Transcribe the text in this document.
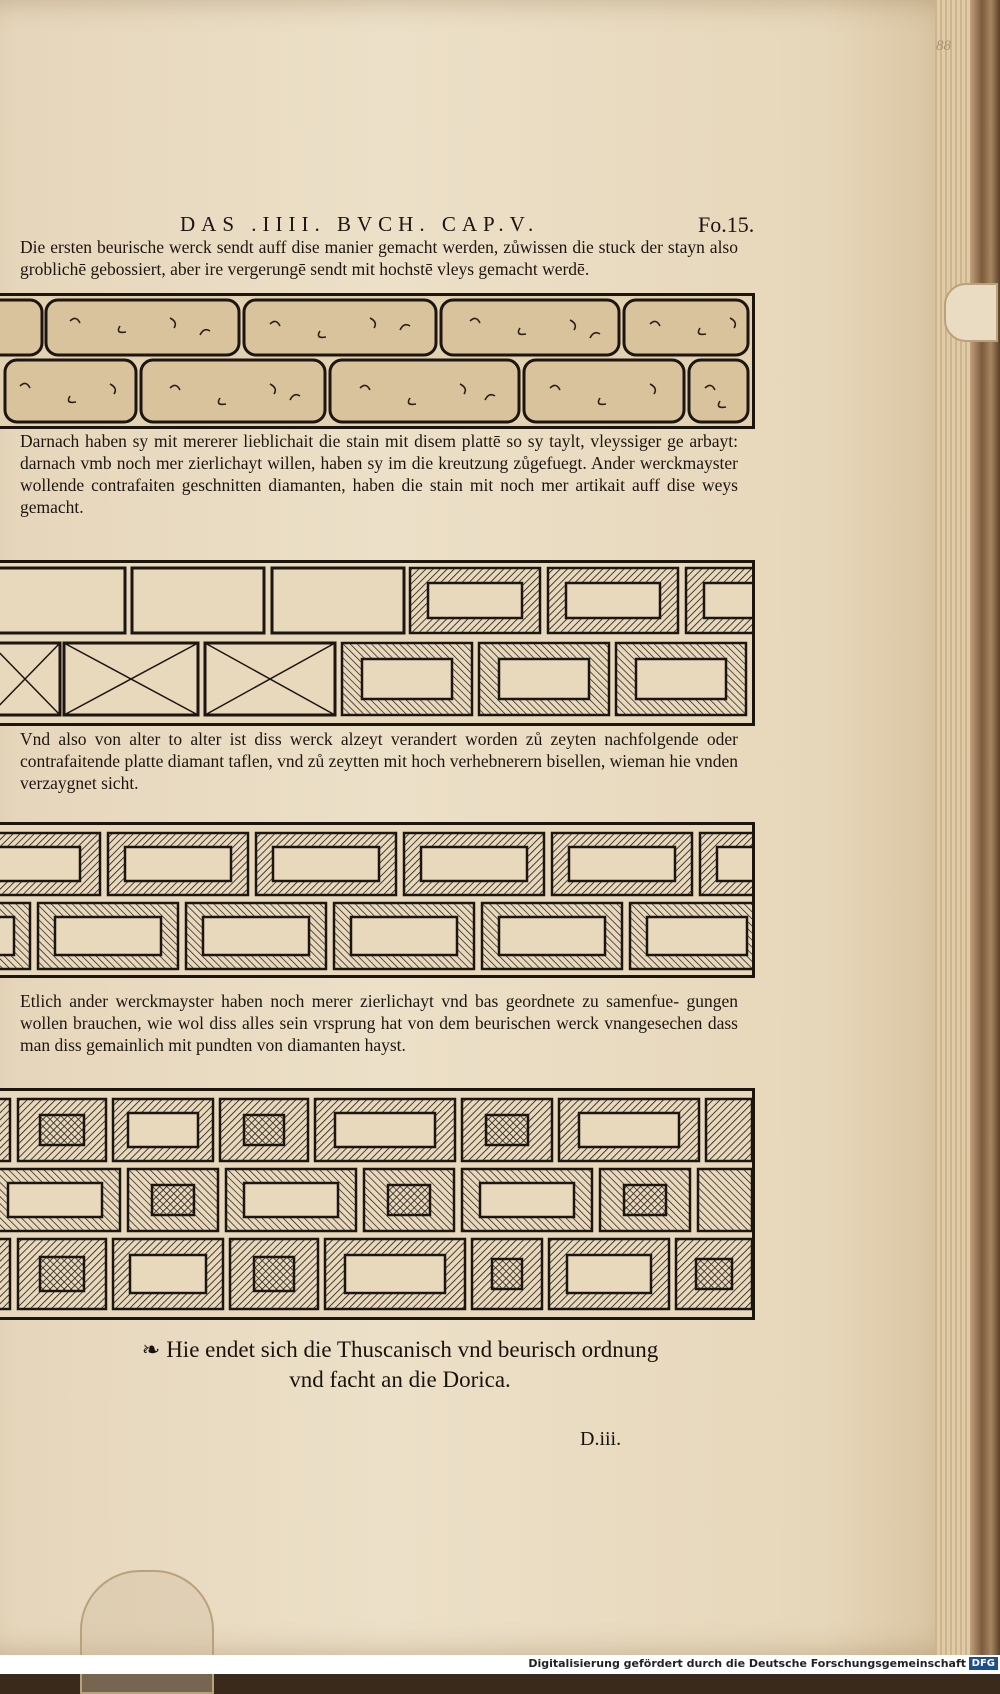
88
DAS .IIII. BVCH. CAP.V.	Fo.15.
Die ersten beurische werck sendt auff dise manier gemacht werden, zůwissen die stuck der stayn also groblichē gebossiert, aber ire vergerungē sendt mit hochstē vleys gemacht werdē.
Darnach haben sy mit mererer lieblichait die stain mit disem plattē so sy taylt, vleyssiger ge arbayt: darnach vmb noch mer zierlichayt willen, haben sy im die kreutzung zůgefuegt. Ander werckmayster wollende contrafaiten geschnitten diamanten, haben die stain mit noch mer artikait auff dise weys gemacht.
Vnd also von alter to alter ist diss werck alzeyt verandert worden zů zeyten nachfolgende oder contrafaitende platte diamant taflen, vnd zů zeytten mit hoch verhebnerern bisellen, wieman hie vnden verzaygnet sicht.
Etlich ander werckmayster haben noch merer zierlichayt vnd bas geordnete zu samenfue- gungen wollen brauchen, wie wol diss alles sein vrsprung hat von dem beurischen werck vnangesechen dass man diss gemainlich mit pundten von diamanten hayst.
❧ Hie endet sich die Thuscanisch vnd beurisch ordnung
vnd facht an die Dorica.
D.iii.
Digitalisierung gefördert durch die Deutsche Forschungsgemeinschaft DFG
